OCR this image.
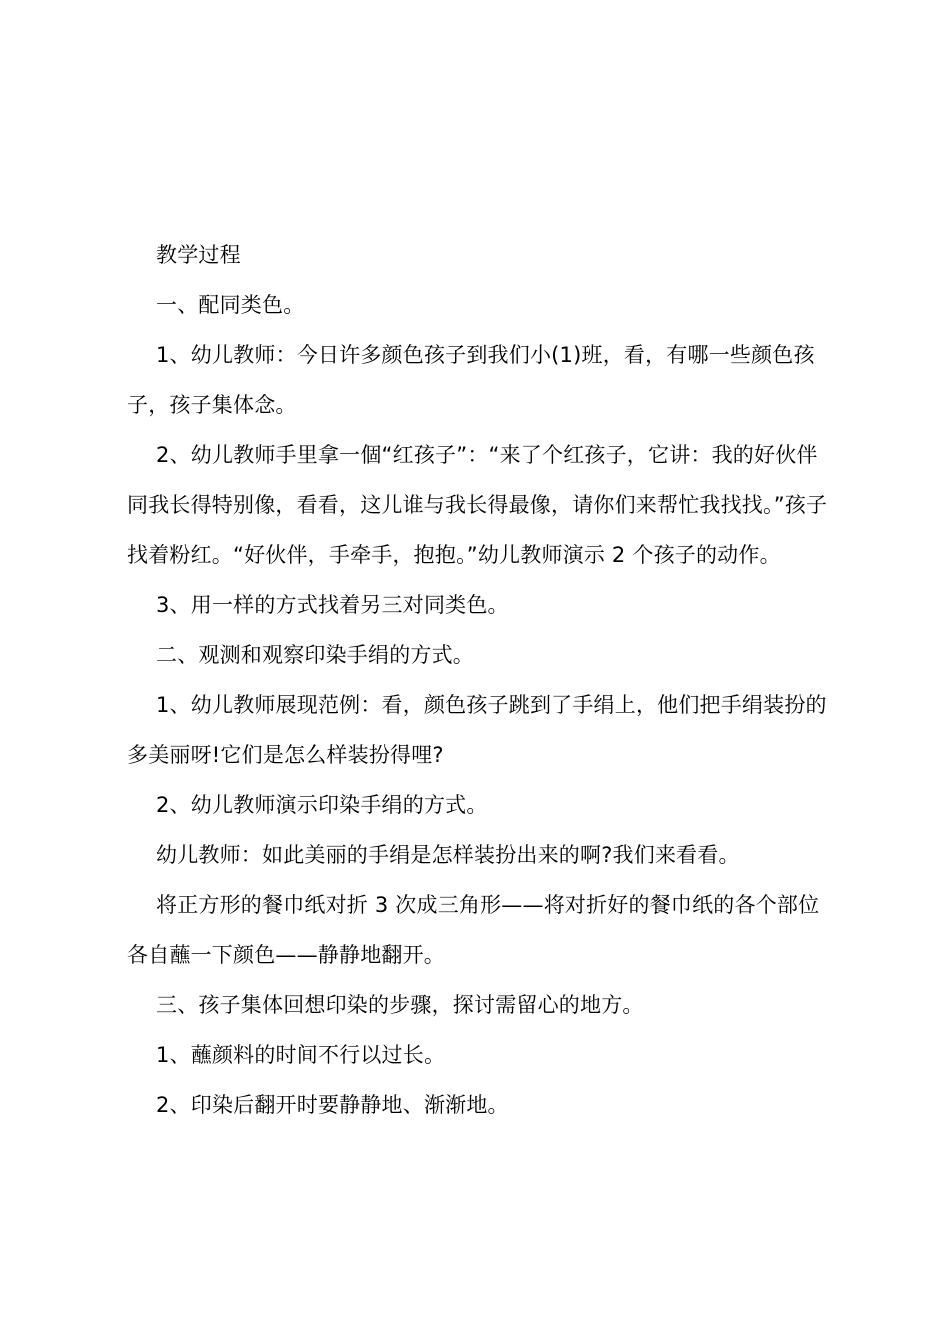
教学过程

一、配同类色。

1、幼儿教师：今日许多颜色孩子到我们小(1)班，看，有哪一些颜色孩子，孩子集体念。

2、幼儿教师手里拿一個“红孩子”：“来了个红孩子，它讲：我的好伙伴同我长得特别像，看看，这儿谁与我长得最像，请你们来帮忙我找找。”孩子找着粉红。“好伙伴，手牵手，抱抱。”幼儿教师演示 2 个孩子的动作。

3、用一样的方式找着另三对同类色。

二、观测和观察印染手绢的方式。

1、幼儿教师展现范例：看，颜色孩子跳到了手绢上，他们把手绢装扮的多美丽呀!它们是怎么样装扮得哩?

2、幼儿教师演示印染手绢的方式。

幼儿教师：如此美丽的手绢是怎样装扮出来的啊?我们来看看。

将正方形的餐巾纸对折 3 次成三角形——将对折好的餐巾纸的各个部位各自蘸一下颜色——静静地翻开。

三、孩子集体回想印染的步骤，探讨需留心的地方。

1、蘸颜料的时间不行以过长。

2、印染后翻开时要静静地、渐渐地。
